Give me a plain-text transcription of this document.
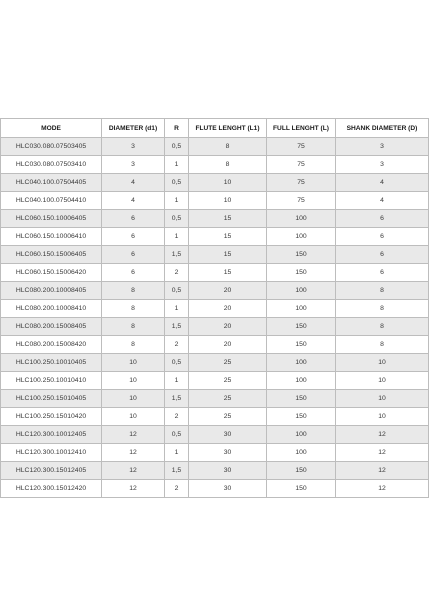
MODE	DIAMETER (d1)	R	FLUTE LENGHT (L1)	FULL LENGHT (L)	SHANK DIAMETER (D)
HLC030.080.07503405	3	0,5	8	75	3
HLC030.080.07503410	3	1	8	75	3
HLC040.100.07504405	4	0,5	10	75	4
HLC040.100.07504410	4	1	10	75	4
HLC060.150.10006405	6	0,5	15	100	6
HLC060.150.10006410	6	1	15	100	6
HLC060.150.15006405	6	1,5	15	150	6
HLC060.150.15006420	6	2	15	150	6
HLC080.200.10008405	8	0,5	20	100	8
HLC080.200.10008410	8	1	20	100	8
HLC080.200.15008405	8	1,5	20	150	8
HLC080.200.15008420	8	2	20	150	8
HLC100.250.10010405	10	0,5	25	100	10
HLC100.250.10010410	10	1	25	100	10
HLC100.250.15010405	10	1,5	25	150	10
HLC100.250.15010420	10	2	25	150	10
HLC120.300.10012405	12	0,5	30	100	12
HLC120.300.10012410	12	1	30	100	12
HLC120.300.15012405	12	1,5	30	150	12
HLC120.300.15012420	12	2	30	150	12
